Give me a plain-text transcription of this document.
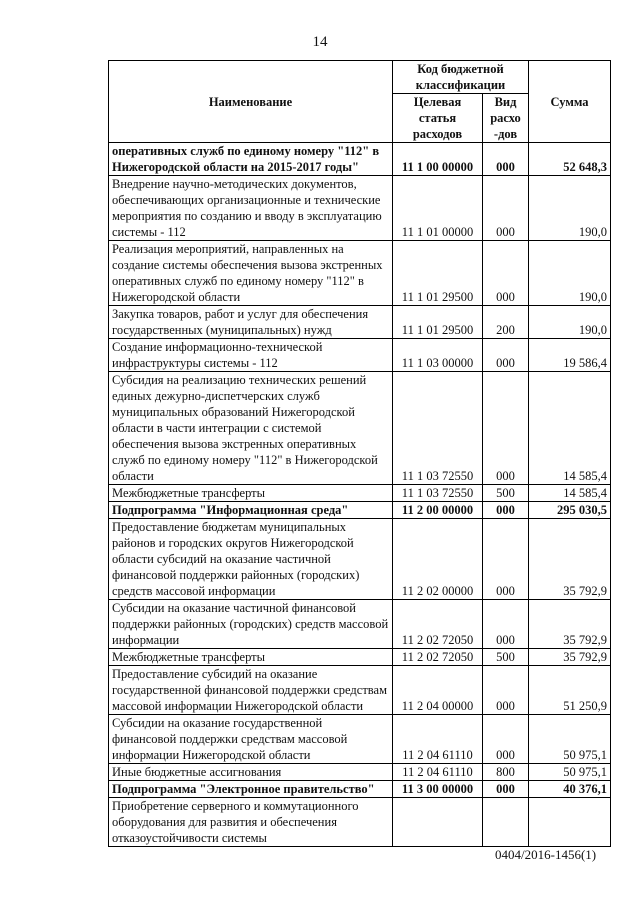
14
Наименование	Код бюджетной классификации		Сумма
	Целевая статья расходов	Вид расхо -дов	
оперативных служб по единому номеру "112" в Нижегородской области на 2015-2017 годы"	11 1 00 00000	000	52 648,3
Внедрение научно-методических документов, обеспечивающих организационные и технические мероприятия по созданию и вводу в эксплуатацию системы - 112	11 1 01 00000	000	190,0
Реализация мероприятий, направленных на создание системы обеспечения вызова экстренных оперативных служб по единому номеру "112" в Нижегородской области	11 1 01 29500	000	190,0
Закупка товаров, работ и услуг для обеспечения государственных (муниципальных) нужд	11 1 01 29500	200	190,0
Создание информационно-технической инфраструктуры системы - 112	11 1 03 00000	000	19 586,4
Субсидия на реализацию технических решений единых дежурно-диспетчерских служб муниципальных образований Нижегородской области в части интеграции с системой обеспечения вызова экстренных оперативных служб по единому номеру "112" в Нижегородской области	11 1 03 72550	000	14 585,4
Межбюджетные трансферты	11 1 03 72550	500	14 585,4
Подпрограмма "Информационная среда"	11 2 00 00000	000	295 030,5
Предоставление бюджетам муниципальных районов и городских округов Нижегородской области субсидий на оказание частичной финансовой поддержки районных (городских) средств массовой информации	11 2 02 00000	000	35 792,9
Субсидии на оказание частичной финансовой поддержки районных (городских) средств массовой информации	11 2 02 72050	000	35 792,9
Межбюджетные трансферты	11 2 02 72050	500	35 792,9
Предоставление субсидий на оказание государственной финансовой поддержки средствам массовой информации Нижегородской области	11 2 04 00000	000	51 250,9
Субсидии на оказание государственной финансовой поддержки средствам массовой информации Нижегородской области	11 2 04 61110	000	50 975,1
Иные бюджетные ассигнования	11 2 04 61110	800	50 975,1
Подпрограмма "Электронное правительство"	11 3 00 00000	000	40 376,1
Приобретение серверного и коммутационного оборудования для развития и обеспечения отказоустойчивости системы			
0404/2016-1456(1)
